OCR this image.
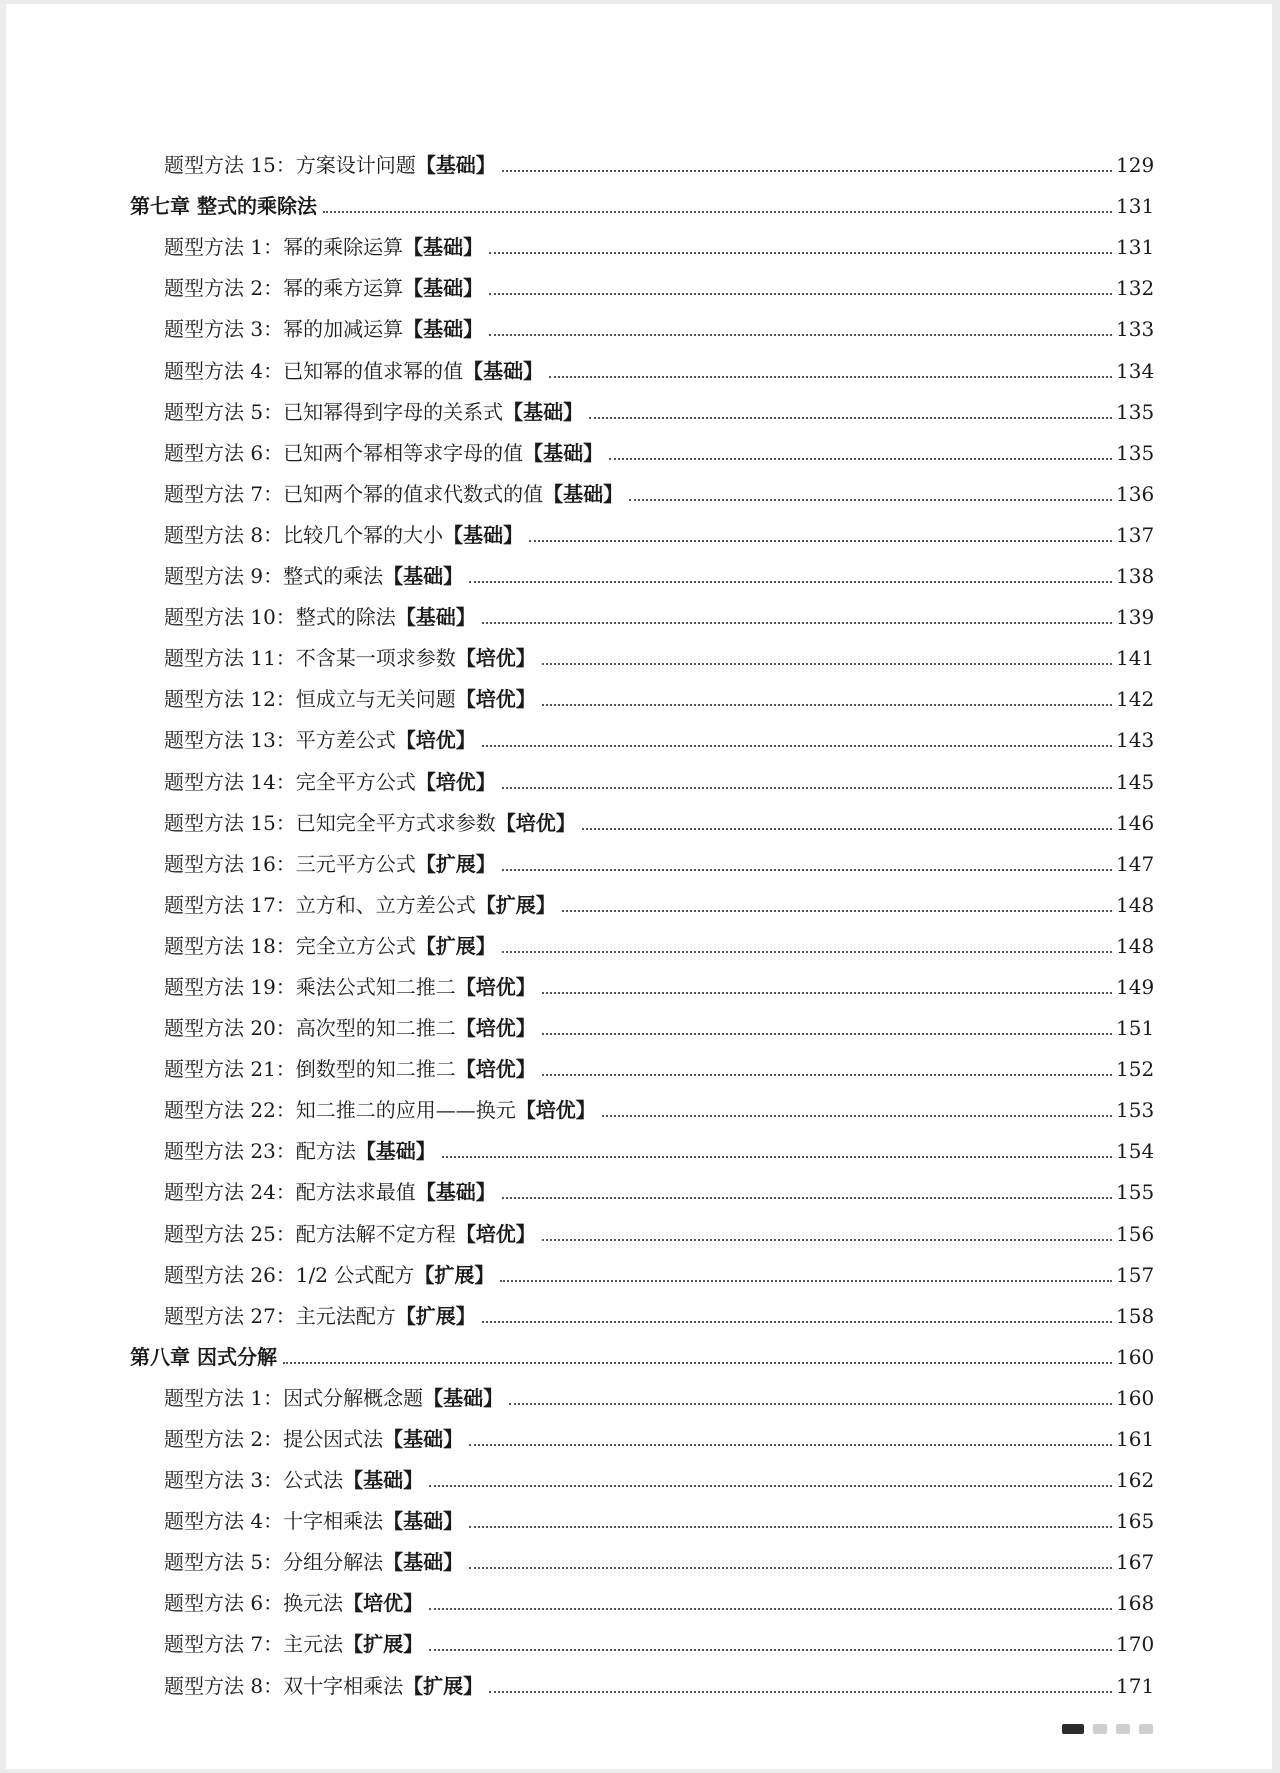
题型方法 15：方案设计问题 【基础】	129
第七章 整式的乘除法	131
题型方法 1：幂的乘除运算 【基础】	131
题型方法 2：幂的乘方运算 【基础】	132
题型方法 3：幂的加减运算 【基础】	133
题型方法 4：已知幂的值求幂的值 【基础】	134
题型方法 5：已知幂得到字母的关系式 【基础】	135
题型方法 6：已知两个幂相等求字母的值 【基础】	135
题型方法 7：已知两个幂的值求代数式的值 【基础】	136
题型方法 8：比较几个幂的大小 【基础】	137
题型方法 9：整式的乘法 【基础】	138
题型方法 10：整式的除法 【基础】	139
题型方法 11：不含某一项求参数 【培优】	141
题型方法 12：恒成立与无关问题 【培优】	142
题型方法 13：平方差公式 【培优】	143
题型方法 14：完全平方公式 【培优】	145
题型方法 15：已知完全平方式求参数 【培优】	146
题型方法 16：三元平方公式 【扩展】	147
题型方法 17：立方和、立方差公式 【扩展】	148
题型方法 18：完全立方公式 【扩展】	148
题型方法 19：乘法公式知二推二 【培优】	149
题型方法 20：高次型的知二推二 【培优】	151
题型方法 21：倒数型的知二推二 【培优】	152
题型方法 22：知二推二的应用——换元 【培优】	153
题型方法 23：配方法 【基础】	154
题型方法 24：配方法求最值 【基础】	155
题型方法 25：配方法解不定方程 【培优】	156
题型方法 26：1/2 公式配方 【扩展】	157
题型方法 27：主元法配方 【扩展】	158
第八章 因式分解	160
题型方法 1：因式分解概念题 【基础】	160
题型方法 2：提公因式法 【基础】	161
题型方法 3：公式法 【基础】	162
题型方法 4：十字相乘法 【基础】	165
题型方法 5：分组分解法 【基础】	167
题型方法 6：换元法 【培优】	168
题型方法 7：主元法 【扩展】	170
题型方法 8：双十字相乘法 【扩展】	171
